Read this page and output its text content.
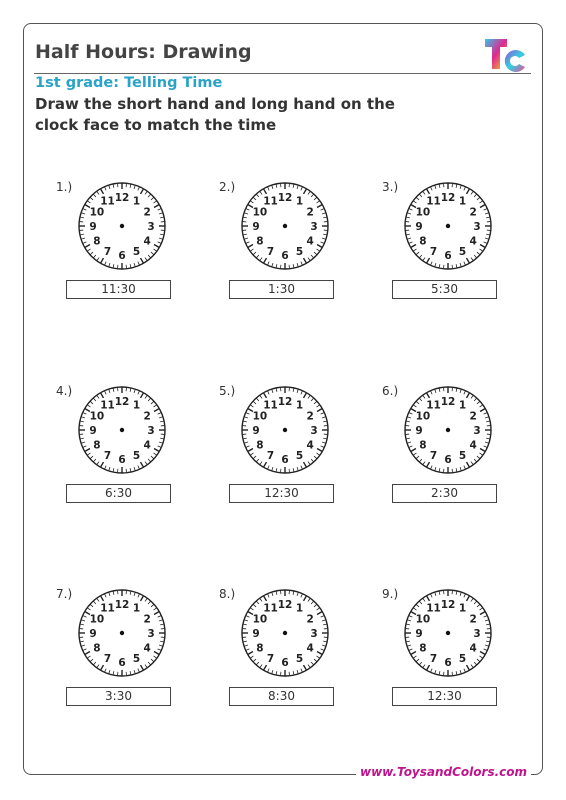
Half Hours: Drawing
1st grade: Telling Time
Draw the short hand and long hand on the clock face to match the time
1.)
12 1
2
3
4
5
6
7
8
9
10
11
11:30
2.)
12 1
2
3
4
5
6
7
8
9
10
11
1:30
3.)
12 1
2
3
4
5
6
7
8
9
10
11
5:30
4.)
12 1
2
3
4
5
6
7
8
9
10
11
6:30
5.)
12 1
2
3
4
5
6
7
8
9
10
11
12:30
6.)
12 1
2
3
4
5
6
7
8
9
10
11
2:30
7.)
12 1
2
3
4
5
6
7
8
9
10
11
3:30
8.)
12 1
2
3
4
5
6
7
8
9
10
11
8:30
9.)
12 1
2
3
4
5
6
7
8
9
10
11
12:30
www.ToysandColors.com
